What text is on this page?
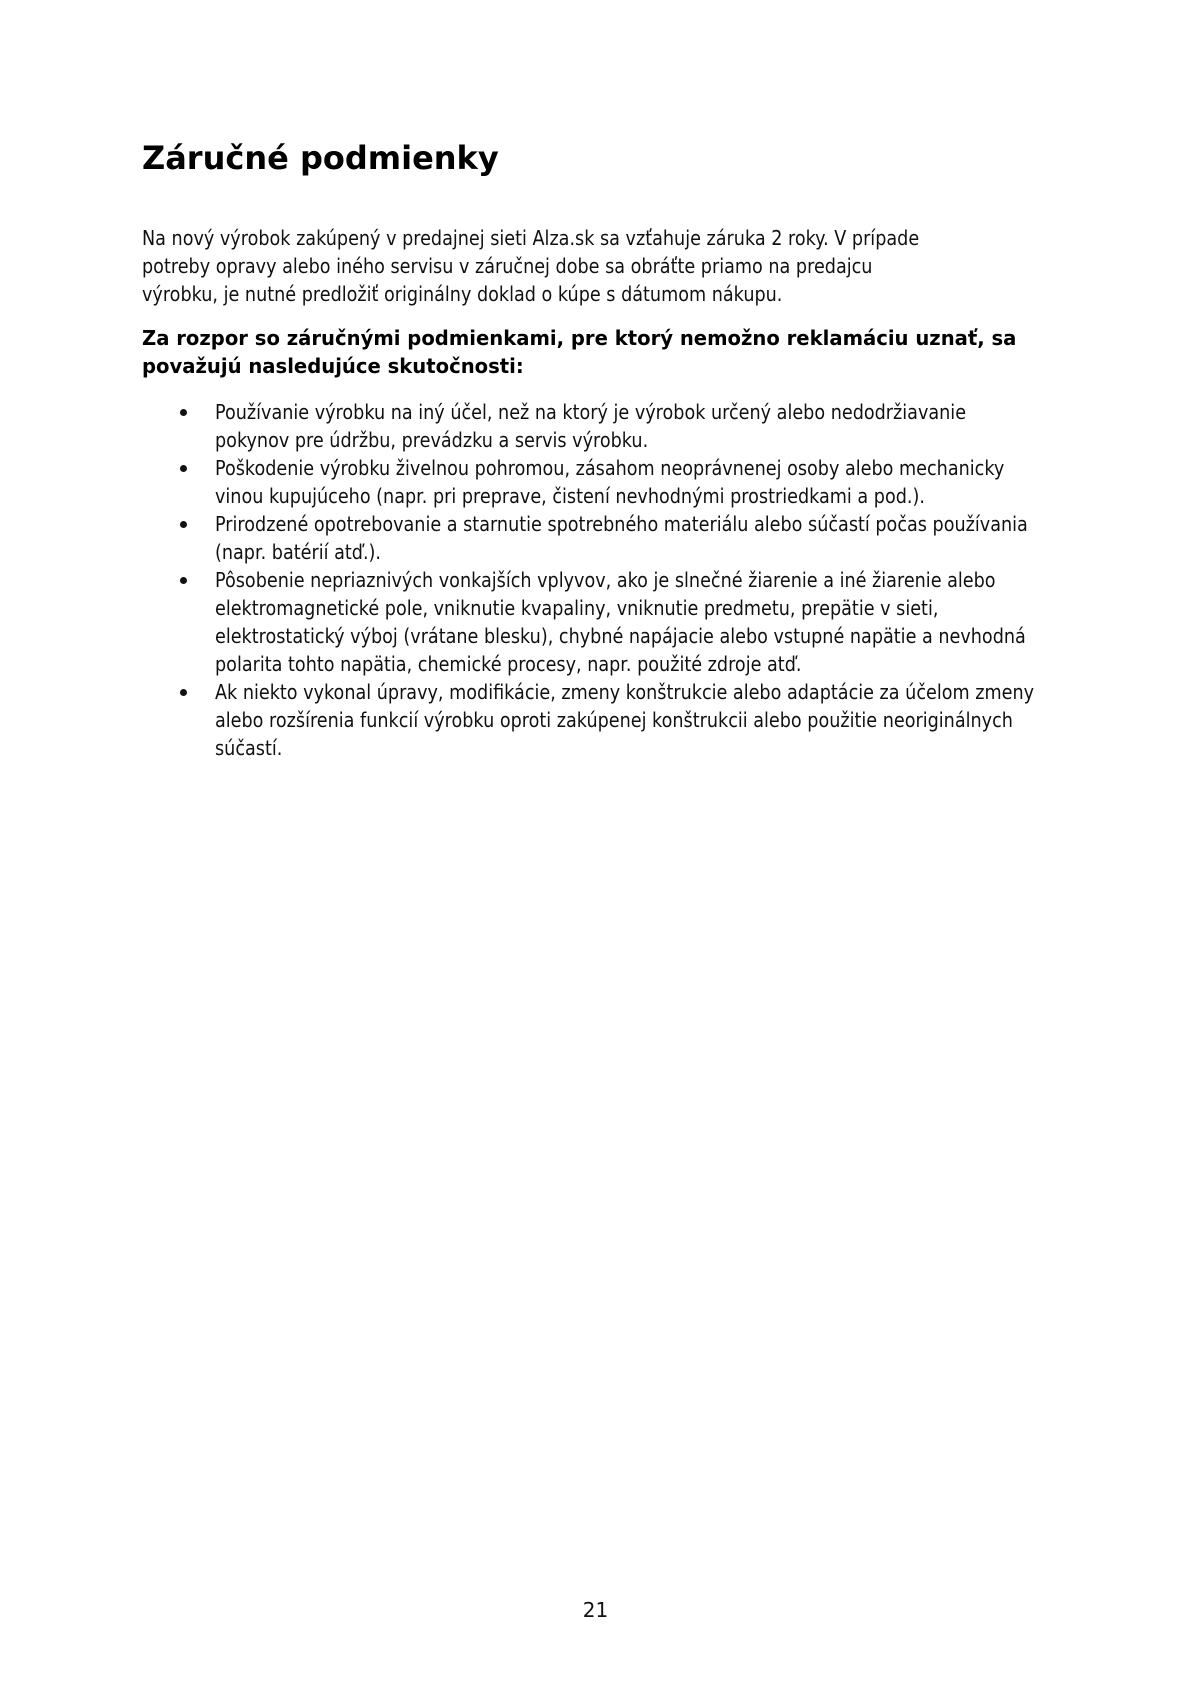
Záručné podmienky

Na nový výrobok zakúpený v predajnej sieti Alza.sk sa vzťahuje záruka 2 roky. V prípade potreby opravy alebo iného servisu v záručnej dobe sa obráťte priamo na predajcu výrobku, je nutné predložiť originálny doklad o kúpe s dátumom nákupu.

Za rozpor so záručnými podmienkami, pre ktorý nemožno reklamáciu uznať, sa považujú nasledujúce skutočnosti:

Používanie výrobku na iný účel, než na ktorý je výrobok určený alebo nedodržiavanie pokynov pre údržbu, prevádzku a servis výrobku.
Poškodenie výrobku živelnou pohromou, zásahom neoprávnenej osoby alebo mechanicky vinou kupujúceho (napr. pri preprave, čistení nevhodnými prostriedkami a pod.).
Prirodzené opotrebovanie a starnutie spotrebného materiálu alebo súčastí počas používania (napr. batérií atď.).
Pôsobenie nepriaznivých vonkajších vplyvov, ako je slnečné žiarenie a iné žiarenie alebo elektromagnetické pole, vniknutie kvapaliny, vniknutie predmetu, prepätie v sieti, elektrostatický výboj (vrátane blesku), chybné napájacie alebo vstupné napätie a nevhodná polarita tohto napätia, chemické procesy, napr. použité zdroje atď.
Ak niekto vykonal úpravy, modifikácie, zmeny konštrukcie alebo adaptácie za účelom zmeny alebo rozšírenia funkcií výrobku oproti zakúpenej konštrukcii alebo použitie neoriginálnych súčastí.
21
